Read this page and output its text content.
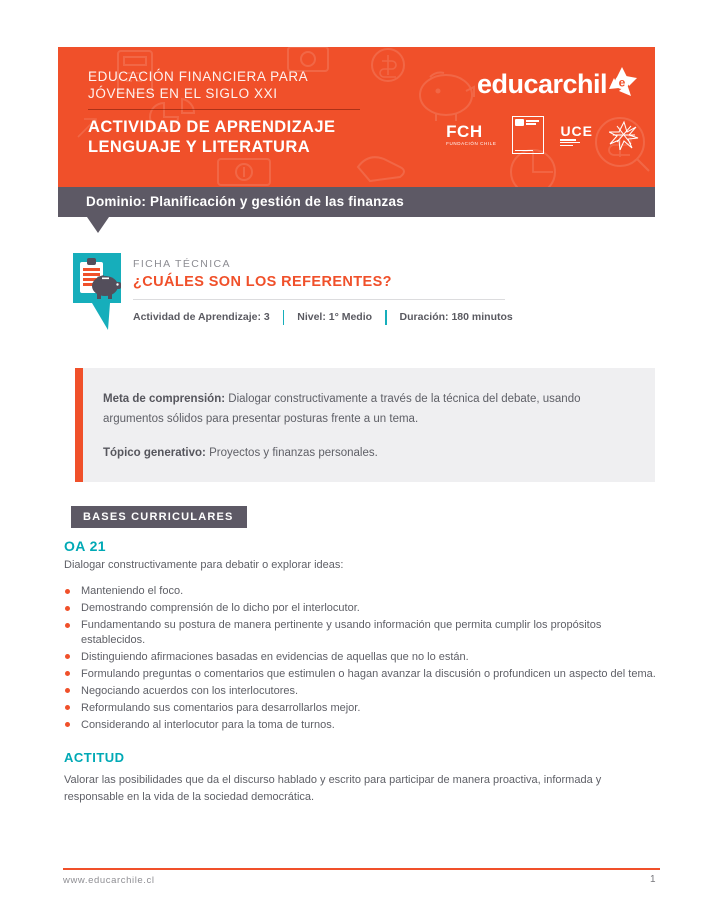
EDUCACIÓN FINANCIERA PARA
JÓVENES EN EL SIGLO XXI
ACTIVIDAD DE APRENDIZAJE
LENGUAJE Y LITERATURA
educarchil e
FCH
FUNDACIÓN CHILE
UCE
Dominio: Planificación y gestión de las finanzas
FICHA TÉCNICA
¿CUÁLES SON LOS REFERENTES?
Actividad de Aprendizaje: 3	Nivel: 1° Medio	Duración: 180 minutos

Meta de comprensión: Dialogar constructivamente a través de la técnica del debate, usando argumentos sólidos para presentar posturas frente a un tema.

Tópico generativo: Proyectos y finanzas personales.

BASES CURRICULARES

OA 21

Dialogar constructivamente para debatir o explorar ideas:

Manteniendo el foco.
Demostrando comprensión de lo dicho por el interlocutor.
Fundamentando su postura de manera pertinente y usando información que permita cumplir los propósitos establecidos.
Distinguiendo afirmaciones basadas en evidencias de aquellas que no lo están.
Formulando preguntas o comentarios que estimulen o hagan avanzar la discusión o profundicen un aspecto del tema.
Negociando acuerdos con los interlocutores.
Reformulando sus comentarios para desarrollarlos mejor.
Considerando al interlocutor para la toma de turnos.

ACTITUD

Valorar las posibilidades que da el discurso hablado y escrito para participar de manera proactiva, informada y responsable en la vida de la sociedad democrática.

www.educarchile.cl	1
